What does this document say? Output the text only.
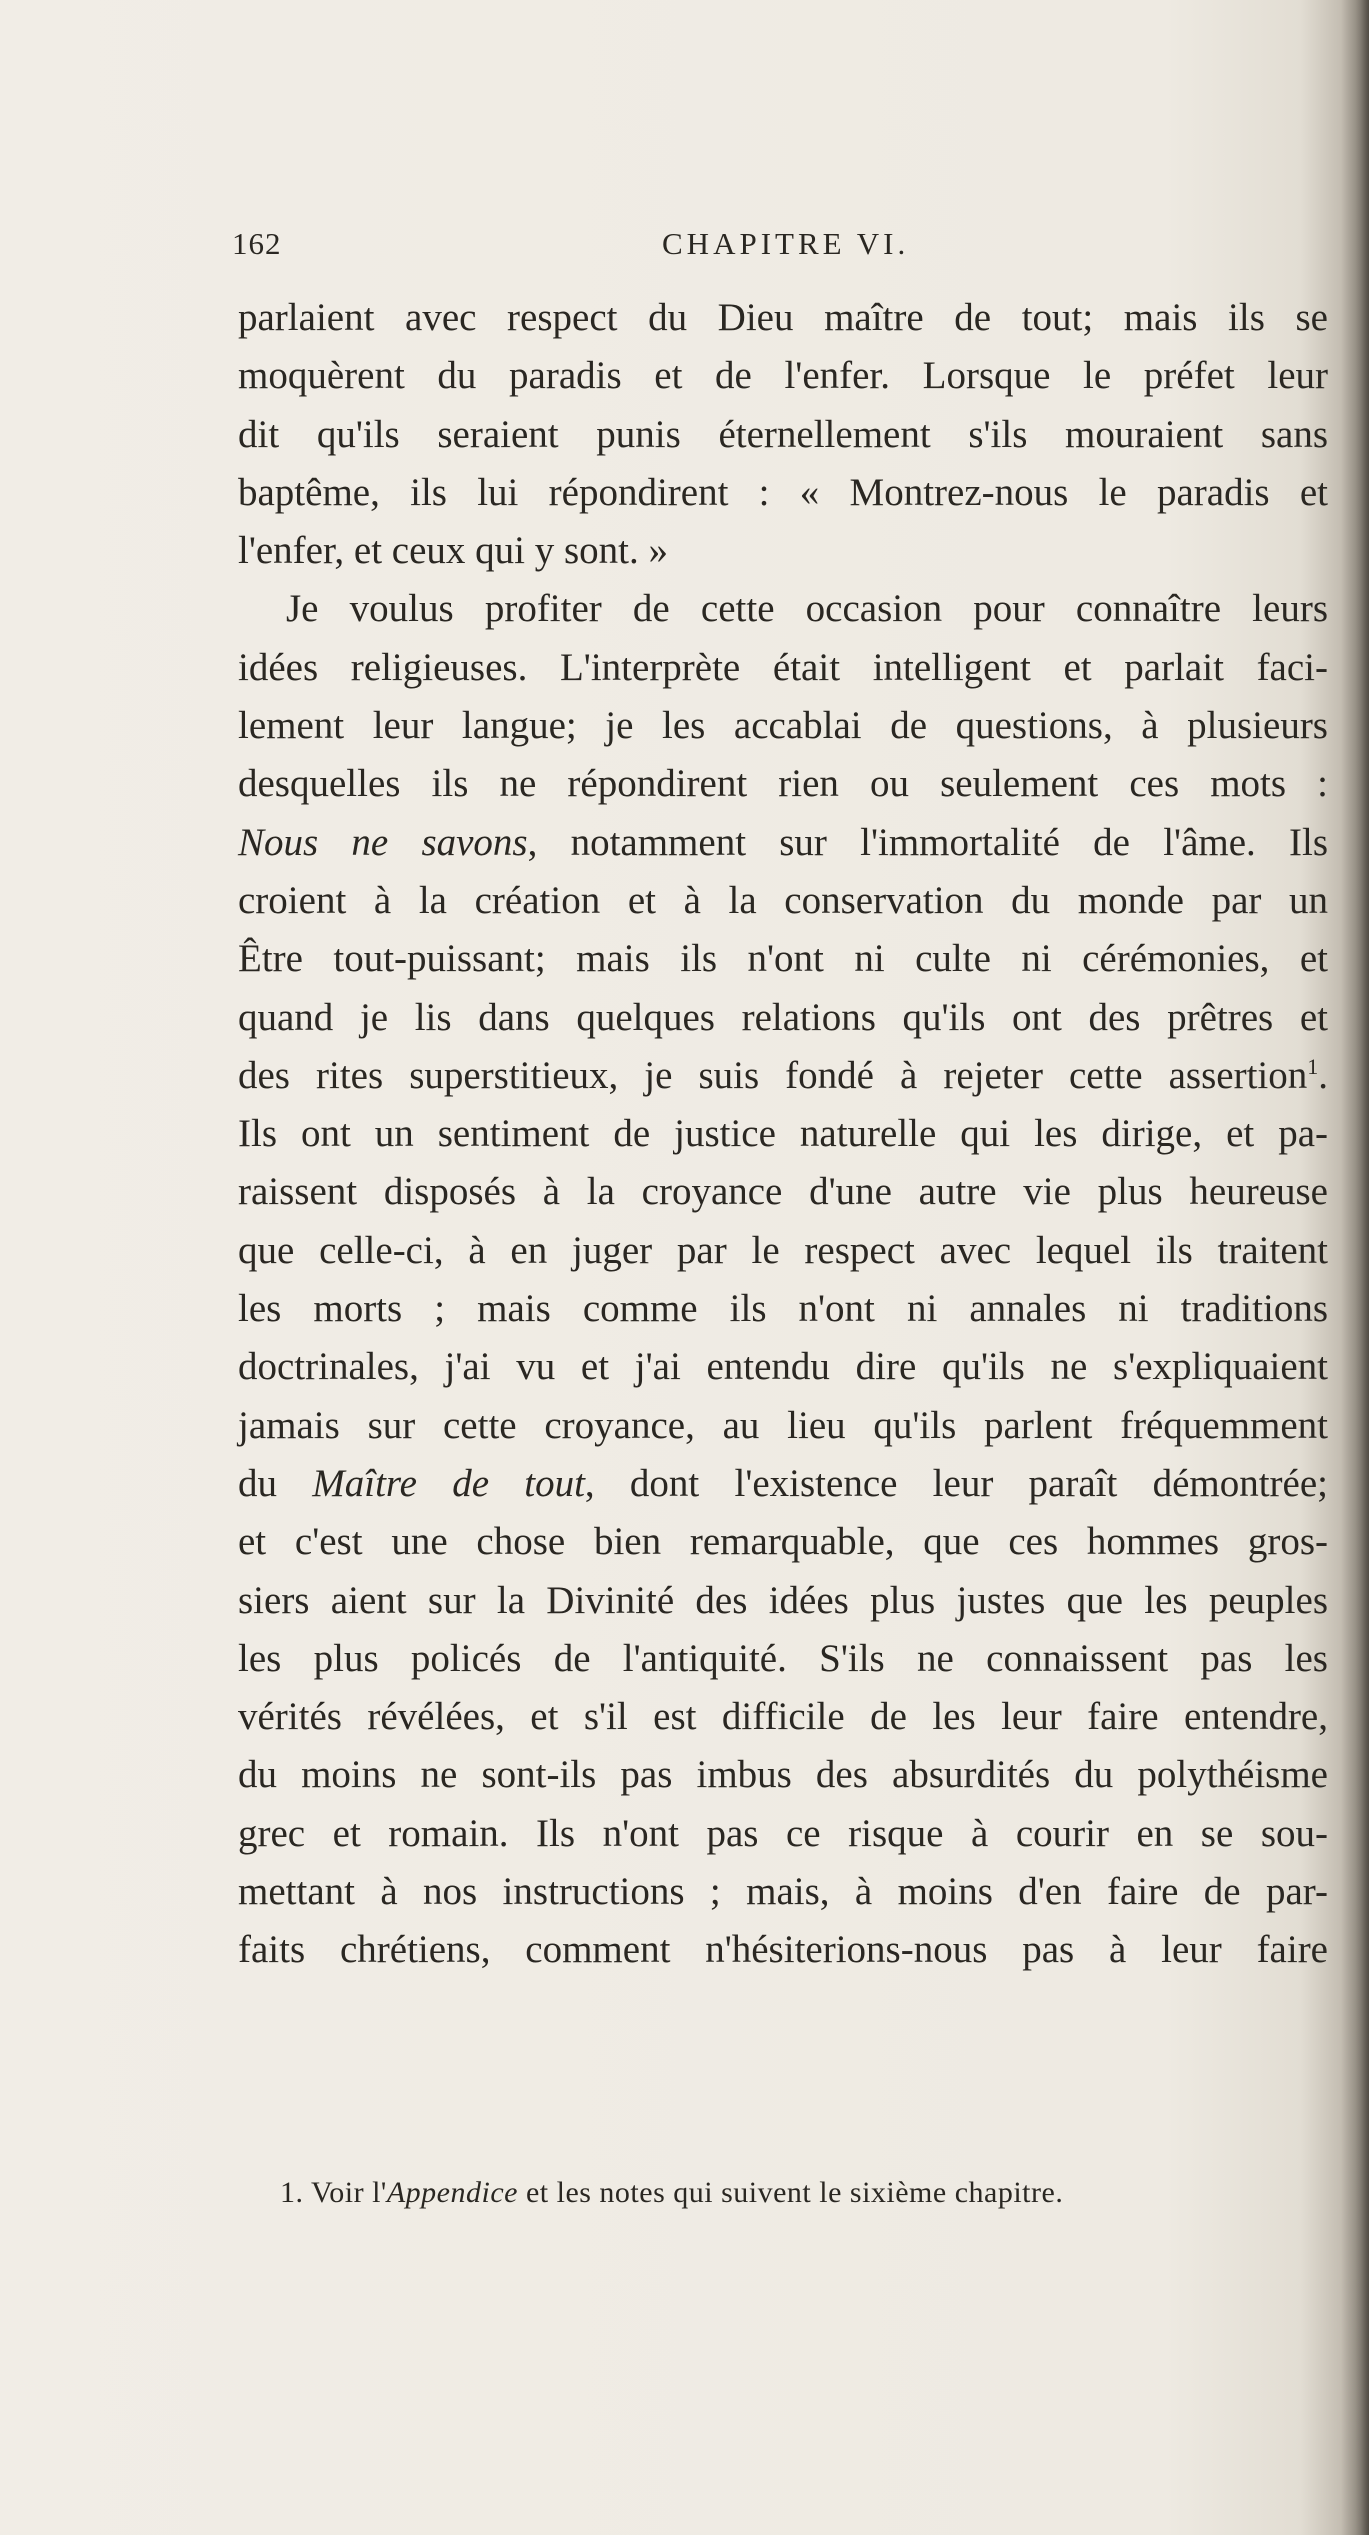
162	CHAPITRE VI.
parlaient avec respect du Dieu maître de tout; mais ils se
moquèrent du paradis et de l'enfer. Lorsque le préfet leur
dit qu'ils seraient punis éternellement s'ils mouraient sans
baptême, ils lui répondirent : « Montrez-nous le paradis et
l'enfer, et ceux qui y sont. »
Je voulus profiter de cette occasion pour connaître leurs
idées religieuses. L'interprète était intelligent et parlait faci-
lement leur langue; je les accablai de questions, à plusieurs
desquelles ils ne répondirent rien ou seulement ces mots :
Nous ne savons, notamment sur l'immortalité de l'âme. Ils
croient à la création et à la conservation du monde par un
Être tout-puissant; mais ils n'ont ni culte ni cérémonies, et
quand je lis dans quelques relations qu'ils ont des prêtres et
des rites superstitieux, je suis fondé à rejeter cette assertion$^1$.
Ils ont un sentiment de justice naturelle qui les dirige, et pa-
raissent disposés à la croyance d'une autre vie plus heureuse
que celle-ci, à en juger par le respect avec lequel ils traitent
les morts ; mais comme ils n'ont ni annales ni traditions
doctrinales, j'ai vu et j'ai entendu dire qu'ils ne s'expliquaient
jamais sur cette croyance, au lieu qu'ils parlent fréquemment
du Maître de tout, dont l'existence leur paraît démontrée;
et c'est une chose bien remarquable, que ces hommes gros-
siers aient sur la Divinité des idées plus justes que les peuples
les plus policés de l'antiquité. S'ils ne connaissent pas les
vérités révélées, et s'il est difficile de les leur faire entendre,
du moins ne sont-ils pas imbus des absurdités du polythéisme
grec et romain. Ils n'ont pas ce risque à courir en se sou-
mettant à nos instructions ; mais, à moins d'en faire de par-
faits chrétiens, comment n'hésiterions-nous pas à leur faire
1. Voir l'Appendice et les notes qui suivent le sixième chapitre.
